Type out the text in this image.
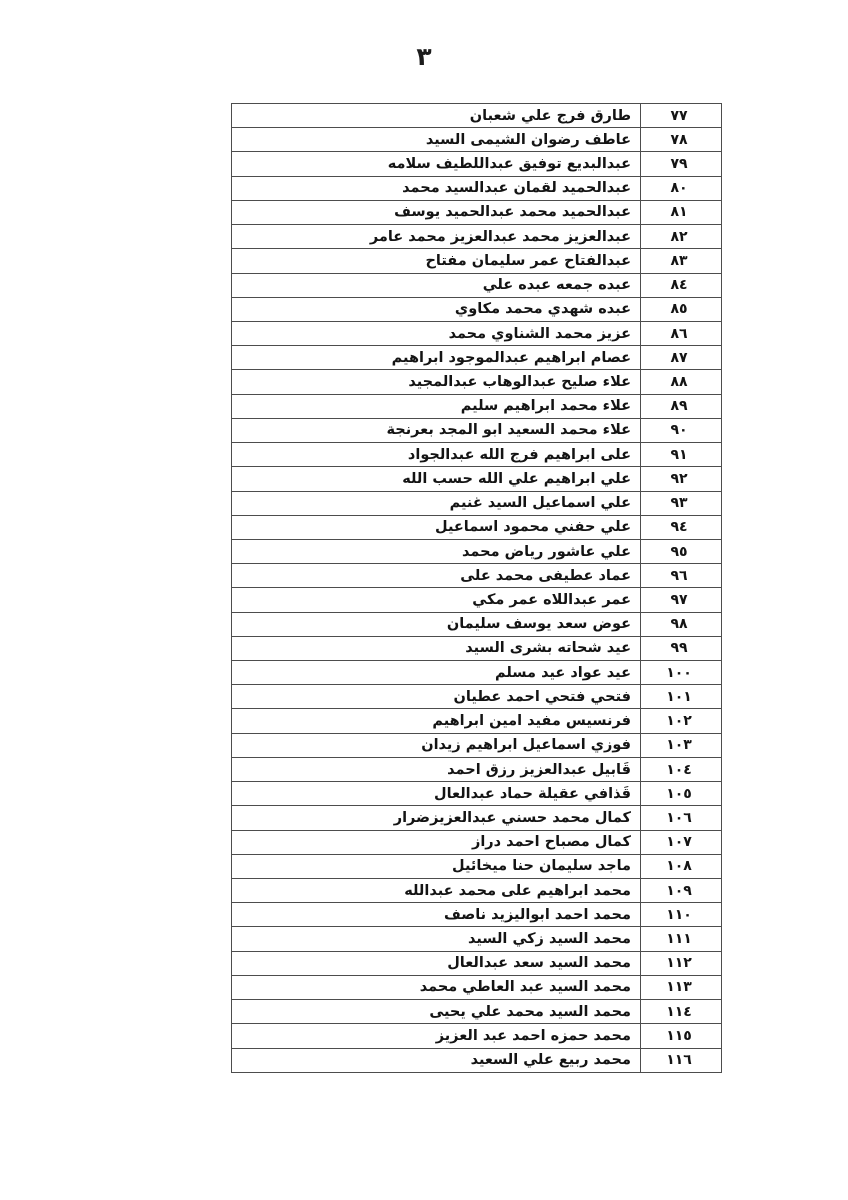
٣
٧٧
طارق فرج علي شعبان
٧٨
عاطف رضوان الشيمى السيد
٧٩
عبدالبديع توفيق عبداللطيف سلامه
٨٠
عبدالحميد لقمان عبدالسيد محمد
٨١
عبدالحميد محمد عبدالحميد يوسف
٨٢
عبدالعزيز محمد عبدالعزيز محمد عامر
٨٣
عبدالفتاح عمر سليمان مفتاح
٨٤
عبده جمعه عبده علي
٨٥
عبده شهدي محمد مكاوي
٨٦
عزيز محمد الشناوي محمد
٨٧
عصام ابراهيم عبدالموجود ابراهيم
٨٨
علاء صليح عبدالوهاب عبدالمجيد
٨٩
علاء محمد ابراهيم سليم
٩٠
علاء محمد السعيد ابو المجد بعرنجة
٩١
على ابراهيم فرج الله عبدالجواد
٩٢
علي ابراهيم علي الله حسب الله
٩٣
علي اسماعيل السيد غنيم
٩٤
علي حفني محمود اسماعيل
٩٥
علي عاشور رياض محمد
٩٦
عماد عطيفى محمد على
٩٧
عمر عبداللاه عمر مكي
٩٨
عوض سعد يوسف سليمان
٩٩
عيد شحاته بشرى السيد
١٠٠
عيد عواد عيد مسلم
١٠١
فتحي فتحي احمد عطيان
١٠٢
فرنسيس مفيد امين ابراهيم
١٠٣
فوزي اسماعيل ابراهيم زيدان
١٠٤
قَابيل عبدالعزيز رزق احمد
١٠٥
قَذافي عقيلة حماد عبدالعال
١٠٦
كمال محمد حسني عبدالعزيزضرار
١٠٧
كمال مصباح احمد دراز
١٠٨
ماجد سليمان حنا ميخائيل
١٠٩
محمد ابراهيم على محمد عبدالله
١١٠
محمد احمد ابواليزيد ناصف
١١١
محمد السيد زكي السيد
١١٢
محمد السيد سعد عبدالعال
١١٣
محمد السيد عبد العاطي محمد
١١٤
محمد السيد محمد علي يحيى
١١٥
محمد حمزه احمد عبد العزيز
١١٦
محمد ربيع علي السعيد
